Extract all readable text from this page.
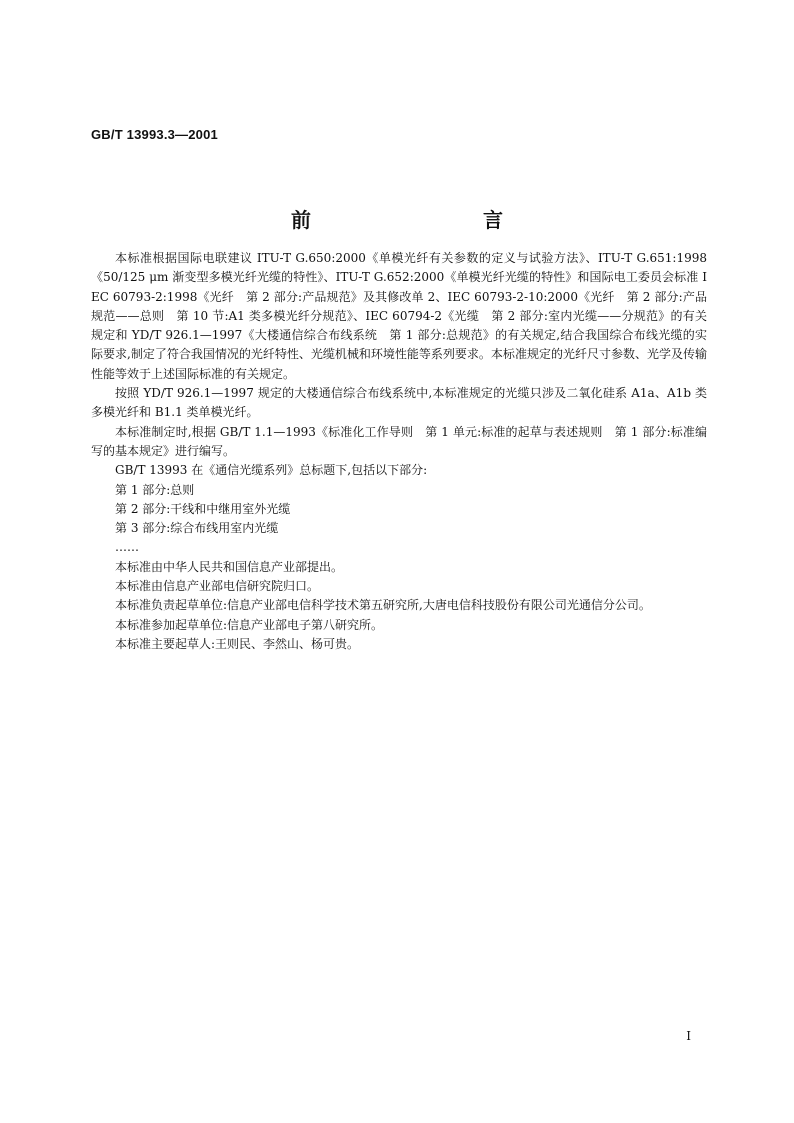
GB/T 13993.3—2001
前　　言

本标准根据国际电联建议 ITU-T G.650:2000《单模光纤有关参数的定义与试验方法》、ITU-T G.651:1998《50/125 μm 渐变型多模光纤光缆的特性》、ITU-T G.652:2000《单模光纤光缆的特性》和国际电工委员会标准 IEC 60793-2:1998《光纤　第 2 部分:产品规范》及其修改单 2、IEC 60793-2-10:2000《光纤　第 2 部分:产品规范——总则　第 10 节:A1 类多模光纤分规范》、IEC 60794-2《光缆　第 2 部分:室内光缆——分规范》的有关规定和 YD/T 926.1—1997《大楼通信综合布线系统　第 1 部分:总规范》的有关规定,结合我国综合布线光缆的实际要求,制定了符合我国情况的光纤特性、光缆机械和环境性能等系列要求。本标准规定的光纤尺寸参数、光学及传输性能等效于上述国际标准的有关规定。

按照 YD/T 926.1—1997 规定的大楼通信综合布线系统中,本标准规定的光缆只涉及二氧化硅系 A1a、A1b 类多模光纤和 B1.1 类单模光纤。

本标准制定时,根据 GB/T 1.1—1993《标准化工作导则　第 1 单元:标准的起草与表述规则　第 1 部分:标准编写的基本规定》进行编写。

GB/T 13993 在《通信光缆系列》总标题下,包括以下部分:

第 1 部分:总则

第 2 部分:干线和中继用室外光缆

第 3 部分:综合布线用室内光缆

……

本标准由中华人民共和国信息产业部提出。

本标准由信息产业部电信研究院归口。

本标准负责起草单位:信息产业部电信科学技术第五研究所,大唐电信科技股份有限公司光通信分公司。

本标准参加起草单位:信息产业部电子第八研究所。

本标准主要起草人:王则民、李然山、杨可贵。

I
